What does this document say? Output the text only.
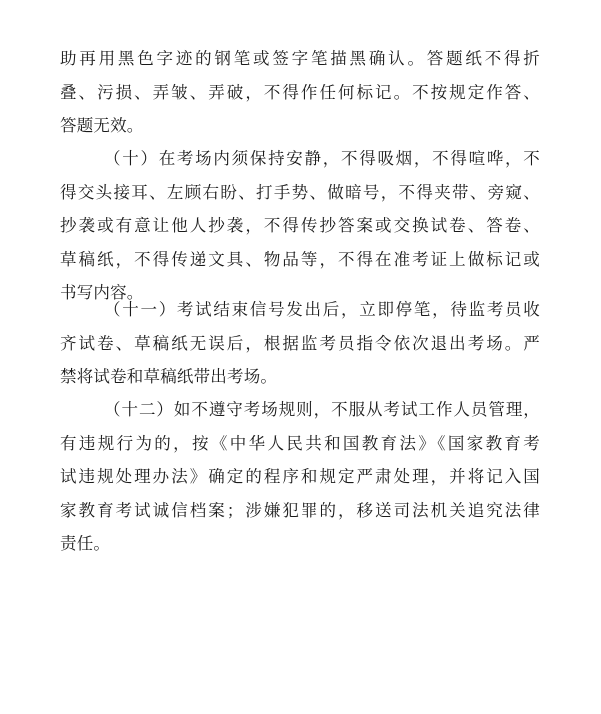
助再用黑色字迹的钢笔或签字笔描黑确认。答题纸不得折
叠、污损、弄皱、弄破，不得作任何标记。不按规定作答、
答题无效。
（十）在考场内须保持安静，不得吸烟，不得喧哗，不
得交头接耳、左顾右盼、打手势、做暗号，不得夹带、旁窥、
抄袭或有意让他人抄袭，不得传抄答案或交换试卷、答卷、
草稿纸，不得传递文具、物品等，不得在准考证上做标记或
书写内容。
（十一）考试结束信号发出后，立即停笔，待监考员收
齐试卷、草稿纸无误后，根据监考员指令依次退出考场。严
禁将试卷和草稿纸带出考场。
（十二）如不遵守考场规则，不服从考试工作人员管理，
有违规行为的，按《中华人民共和国教育法》《国家教育考
试违规处理办法》确定的程序和规定严肃处理，并将记入国
家教育考试诚信档案；涉嫌犯罪的，移送司法机关追究法律
责任。
